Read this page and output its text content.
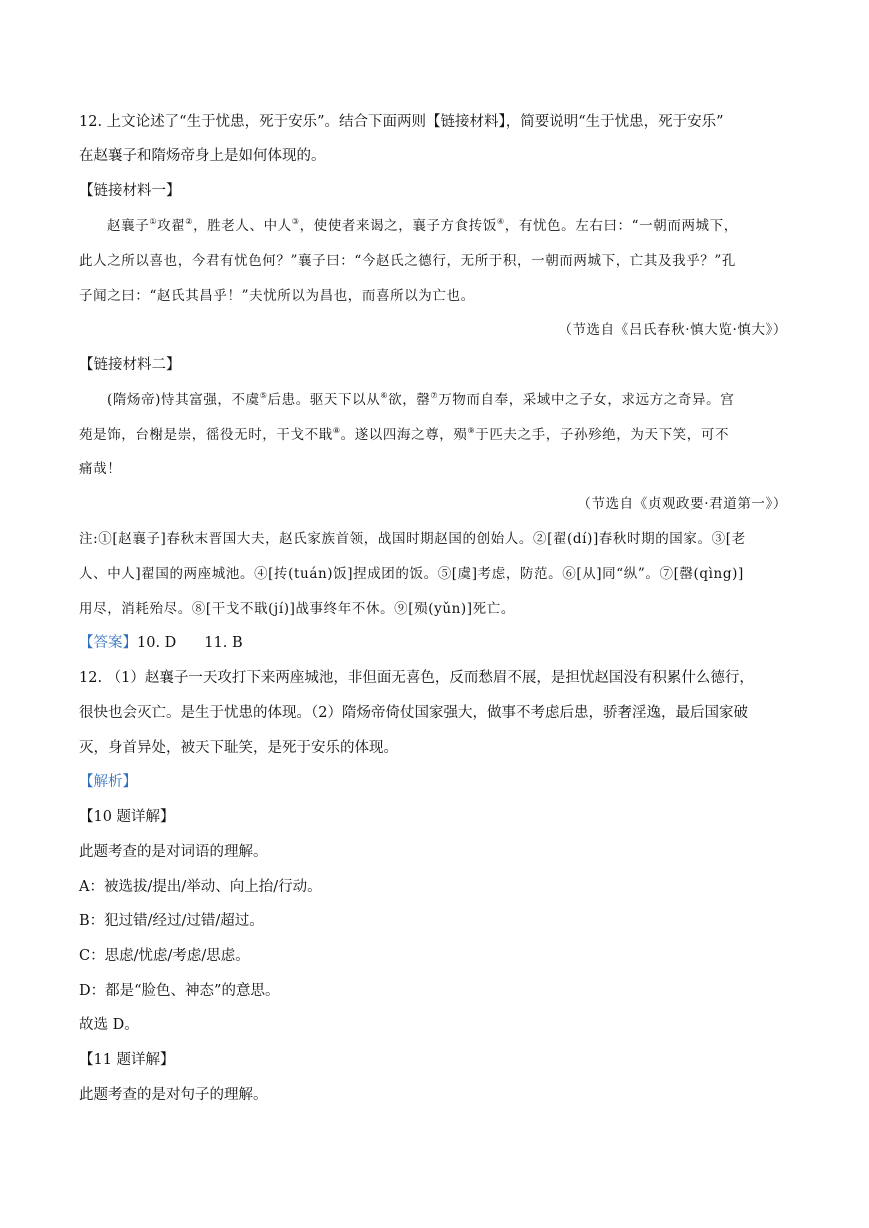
12. 上文论述了“生于忧患，死于安乐”。结合下面两则【链接材料】，简要说明“生于忧患，死于安乐”
在赵襄子和隋炀帝身上是如何体现的。
【链接材料一】
赵襄子①攻翟②，胜老人、中人③，使使者来谒之，襄子方食抟饭④，有忧色。左右曰：“一朝而两城下，
此人之所以喜也，今君有忧色何？”襄子曰：“今赵氏之德行，无所于积，一朝而两城下，亡其及我乎？”孔
子闻之曰：“赵氏其昌乎！”夫忧所以为昌也，而喜所以为亡也。
（节选自《吕氏春秋·慎大览·慎大》）
【链接材料二】
(隋炀帝)恃其富强，不虞⑤后患。驱天下以从⑥欲，罄⑦万物而自奉，采域中之子女，求远方之奇异。宫
苑是饰，台榭是崇，徭役无时，干戈不戢⑧。遂以四海之尊，殒⑨于匹夫之手，子孙殄绝，为天下笑，可不
痛哉！
（节选自《贞观政要·君道第一》）
注:①[赵襄子]春秋末晋国大夫，赵氏家族首领，战国时期赵国的创始人。②[翟(dí)]春秋时期的国家。③[老
人、中人]翟国的两座城池。④[抟(tuán)饭]捏成团的饭。⑤[虞]考虑，防范。⑥[从]同“纵”。⑦[罄(qìng)]
用尽，消耗殆尽。⑧[干戈不戢(jí)]战事终年不休。⑨[殒(yǔn)]死亡。
【答案】10. D 11. B
12. （1）赵襄子一天攻打下来两座城池，非但面无喜色，反而愁眉不展，是担忧赵国没有积累什么德行，
很快也会灭亡。是生于忧患的体现。（2）隋炀帝倚仗国家强大，做事不考虑后患，骄奢淫逸，最后国家破
灭，身首异处，被天下耻笑，是死于安乐的体现。
【解析】
【10 题详解】
此题考查的是对词语的理解。
A：被选拔/提出/举动、向上抬/行动。
B：犯过错/经过/过错/超过。
C：思虑/忧虑/考虑/思虑。
D：都是“脸色、神态”的意思。
故选 D。
【11 题详解】
此题考查的是对句子的理解。
